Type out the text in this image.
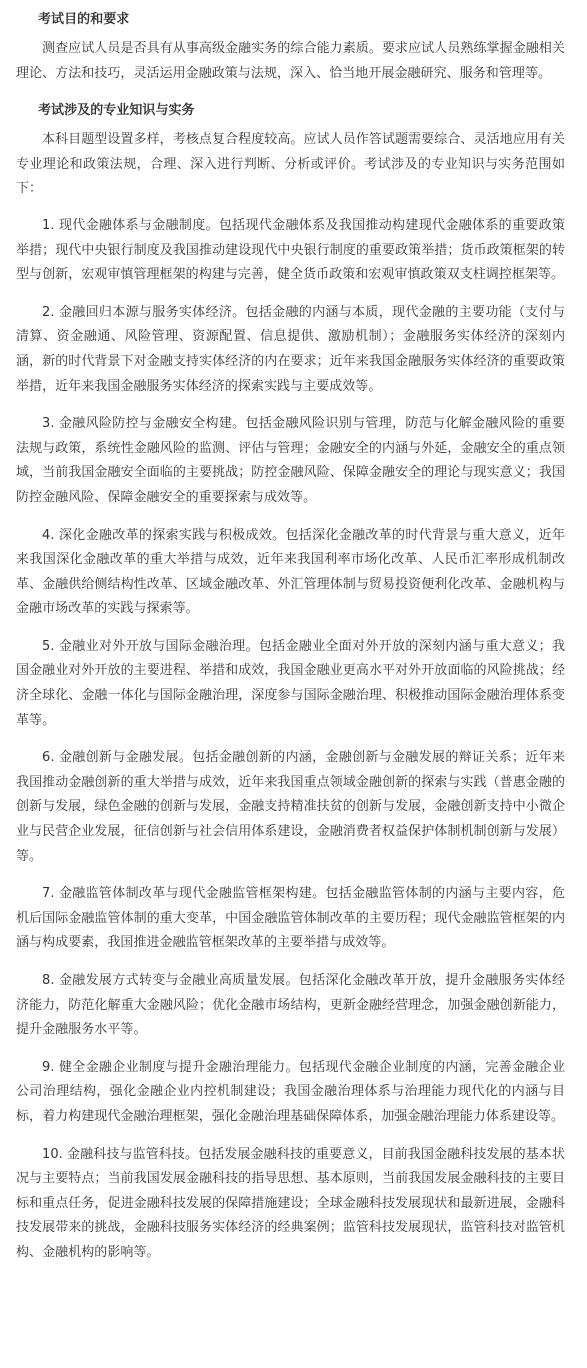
考试目的和要求

测查应试人员是否具有从事高级金融实务的综合能力素质。要求应试人员熟练掌握金融相关理论、方法和技巧，灵活运用金融政策与法规，深入、恰当地开展金融研究、服务和管理等。

考试涉及的专业知识与实务

本科目题型设置多样，考核点复合程度较高。应试人员作答试题需要综合、灵活地应用有关专业理论和政策法规，合理、深入进行判断、分析或评价。考试涉及的专业知识与实务范围如下：

1. 现代金融体系与金融制度。包括现代金融体系及我国推动构建现代金融体系的重要政策举措；现代中央银行制度及我国推动建设现代中央银行制度的重要政策举措；货币政策框架的转型与创新，宏观审慎管理框架的构建与完善，健全货币政策和宏观审慎政策双支柱调控框架等。

2. 金融回归本源与服务实体经济。包括金融的内涵与本质，现代金融的主要功能（支付与清算、资金融通、风险管理、资源配置、信息提供、激励机制）；金融服务实体经济的深刻内涵，新的时代背景下对金融支持实体经济的内在要求；近年来我国金融服务实体经济的重要政策举措，近年来我国金融服务实体经济的探索实践与主要成效等。

3. 金融风险防控与金融安全构建。包括金融风险识别与管理，防范与化解金融风险的重要法规与政策，系统性金融风险的监测、评估与管理；金融安全的内涵与外延，金融安全的重点领域，当前我国金融安全面临的主要挑战；防控金融风险、保障金融安全的理论与现实意义；我国防控金融风险、保障金融安全的重要探索与成效等。

4. 深化金融改革的探索实践与积极成效。包括深化金融改革的时代背景与重大意义，近年来我国深化金融改革的重大举措与成效，近年来我国利率市场化改革、人民币汇率形成机制改革、金融供给侧结构性改革、区域金融改革、外汇管理体制与贸易投资便利化改革、金融机构与金融市场改革的实践与探索等。

5. 金融业对外开放与国际金融治理。包括金融业全面对外开放的深刻内涵与重大意义；我国金融业对外开放的主要进程、举措和成效，我国金融业更高水平对外开放面临的风险挑战；经济全球化、金融一体化与国际金融治理，深度参与国际金融治理、积极推动国际金融治理体系变革等。

6. 金融创新与金融发展。包括金融创新的内涵，金融创新与金融发展的辩证关系；近年来我国推动金融创新的重大举措与成效，近年来我国重点领域金融创新的探索与实践（普惠金融的创新与发展，绿色金融的创新与发展，金融支持精准扶贫的创新与发展，金融创新支持中小微企业与民营企业发展，征信创新与社会信用体系建设，金融消费者权益保护体制机制创新与发展）等。

7. 金融监管体制改革与现代金融监管框架构建。包括金融监管体制的内涵与主要内容，危机后国际金融监管体制的重大变革，中国金融监管体制改革的主要历程；现代金融监管框架的内涵与构成要素，我国推进金融监管框架改革的主要举措与成效等。

8. 金融发展方式转变与金融业高质量发展。包括深化金融改革开放，提升金融服务实体经济能力，防范化解重大金融风险；优化金融市场结构，更新金融经营理念，加强金融创新能力，提升金融服务水平等。

9. 健全金融企业制度与提升金融治理能力。包括现代金融企业制度的内涵，完善金融企业公司治理结构，强化金融企业内控机制建设；我国金融治理体系与治理能力现代化的内涵与目标，着力构建现代金融治理框架，强化金融治理基础保障体系，加强金融治理能力体系建设等。

10. 金融科技与监管科技。包括发展金融科技的重要意义，目前我国金融科技发展的基本状况与主要特点；当前我国发展金融科技的指导思想、基本原则，当前我国发展金融科技的主要目标和重点任务，促进金融科技发展的保障措施建设；全球金融科技发展现状和最新进展，金融科技发展带来的挑战，金融科技服务实体经济的经典案例；监管科技发展现状，监管科技对监管机构、金融机构的影响等。
